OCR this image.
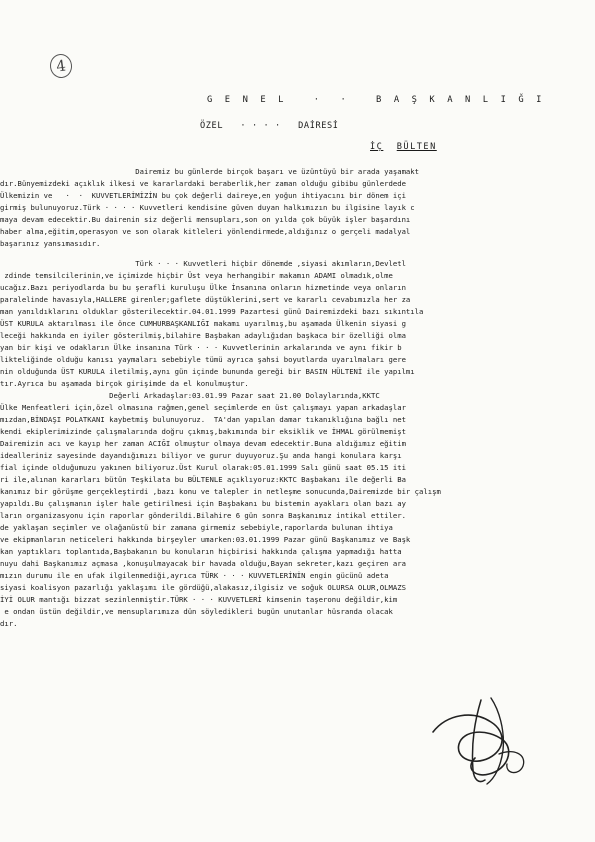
4
G E N E L   ·  ·   B A Ş K A N L I Ğ I
ÖZEL   · · · ·   DAİRESİ
İÇ BÜLTEN
Dairemiz bu günlerde birçok başarı ve üzüntüyü bir arada yaşamakt
dır.Bünyemizdeki açıklık ilkesi ve kararlardaki beraberlik,her zaman olduğu gibibu günlerdede
Ülkemizin ve   ·  ·  KUVVETLERİMİZİN bu çok değerli daireye,en yoğun ihtiyacını bir dönem içi
girmiş bulunuyoruz.Türk · · · · Kuvvetleri kendisine güven duyan halkımızın bu ilgisine layık c
maya devam edecektir.Bu dairenin siz değerli mensupları,son on yılda çok büyük işler başardını
haber alma,eğitim,operasyon ve son olarak kitleleri yönlendirmede,aldığınız o gerçeli madalyal
başarınız yansımasıdır.
Türk · · · Kuvvetleri hiçbir dönemde ,siyasi akımların,Devletl
zdinde temsilcilerinin,ve içimizde hiçbir Üst veya herhangibir makamın ADAMI olmadık,olme
ucağız.Bazı periyodlarda bu bu şerafli kuruluşu Ülke İnsanına onların hizmetinde veya onların
paralelinde havasıyla,HALLERE girenler;gaflete düştüklerini,sert ve kararlı cevabımızla her za
man yanıldıklarını olduklar gösterilecektir.04.01.1999 Pazartesi günü Dairemizdeki bazı sıkıntıla
ÜST KURULA aktarılması ile önce CUMHURBAŞKANLIĞI makamı uyarılmış,bu aşamada Ülkenin siyasi g
leceği hakkında en iyiler gösterilmiş,bilahire Başbakan adaylığıdan başkaca bir özelliği olma
yan bir kişi ve odakların Ülke insanına Türk · · · Kuvvetlerinin arkalarında ve aynı fikir b
likteliğinde olduğu kanısı yaymaları sebebiyle tümü ayrıca şahsi boyutlarda uyarılmaları gere
nin olduğunda ÜST KURULA iletilmiş,aynı gün içinde bununda gereği bir BASIN HÜLTENİ ile yapılmı
tır.Ayrıca bu aşamada birçok girişimde da el konulmuştur.
Değerli Arkadaşlar:03.01.99 Pazar saat 21.00 Dolaylarında,KKTC
Ülke Menfeatleri için,özel olmasına rağmen,genel seçimlerde en üst çalışmayı yapan arkadaşlar
mızdan,BİNDAŞI POLATKANI kaybetmiş bulunuyoruz.  TA'dan yapılan damar tıkanıklığına bağlı net
kendi ekiplerimizinde çalışmalarında doğru çıkmış,bakımında bir eksiklik ve İHMAL görülmemişt
Dairemizin acı ve kayıp her zaman ACIĞI olmuştur olmaya devam edecektir.Buna aldığımız eğitim
idealleriniz sayesinde dayandığımızı biliyor ve gurur duyuyoruz.Şu anda hangi konulara karşı
fial içinde olduğumuzu yakınen biliyoruz.Üst Kurul olarak:05.01.1999 Salı günü saat 05.15 iti
ri ile,alınan kararları bütün Teşkilata bu BÜLTENLE açıklıyoruz:KKTC Başbakanı ile değerli Ba
kanımız bir görüşme gerçekleştirdi ,bazı konu ve talepler in netleşme sonucunda,Dairemizde bir çalışm
yapıldı.Bu çalışmanın işler hale getirilmesi için Başbakanı bu bistemin ayakları olan bazı ay
ların organizasyonu için raporlar gönderildi.Bilahire 6 gün sonra Başkanımız intikal ettiler.
de yaklaşan seçimler ve olağanüstü bir zamana girmemiz sebebiyle,raporlarda bulunan ihtiya
ve ekipmanların neticeleri hakkında birşeyler umarken:03.01.1999 Pazar günü Başkanımız ve Başk
kan yaptıkları toplantıda,Başbakanın bu konuların hiçbirisi hakkında çalışma yapmadığı hatta
nuyu dahi Başkanımız açmasa ,konuşulmayacak bir havada olduğu,Bayan sekreter,kazı geçiren ara
mızın durumu ile en ufak ilgilenmediği,ayrıca TÜRK · · · KUVVETLERİNİN engin gücünü adeta
siyasi koalisyon pazarlığı yaklaşımı ile gördüğü,alakasız,ilgisiz ve soğuk OLURSA OLUR,OLMAZS
İYİ OLUR mantığı bizzat sezinlenmiştir.TÜRK · · · KUVVETLERİ kimsenin taşeronu değildir,kim
e ondan üstün değildir,ve mensuplarımıza dün söyledikleri bugün unutanlar hüsranda olacak
dır.
